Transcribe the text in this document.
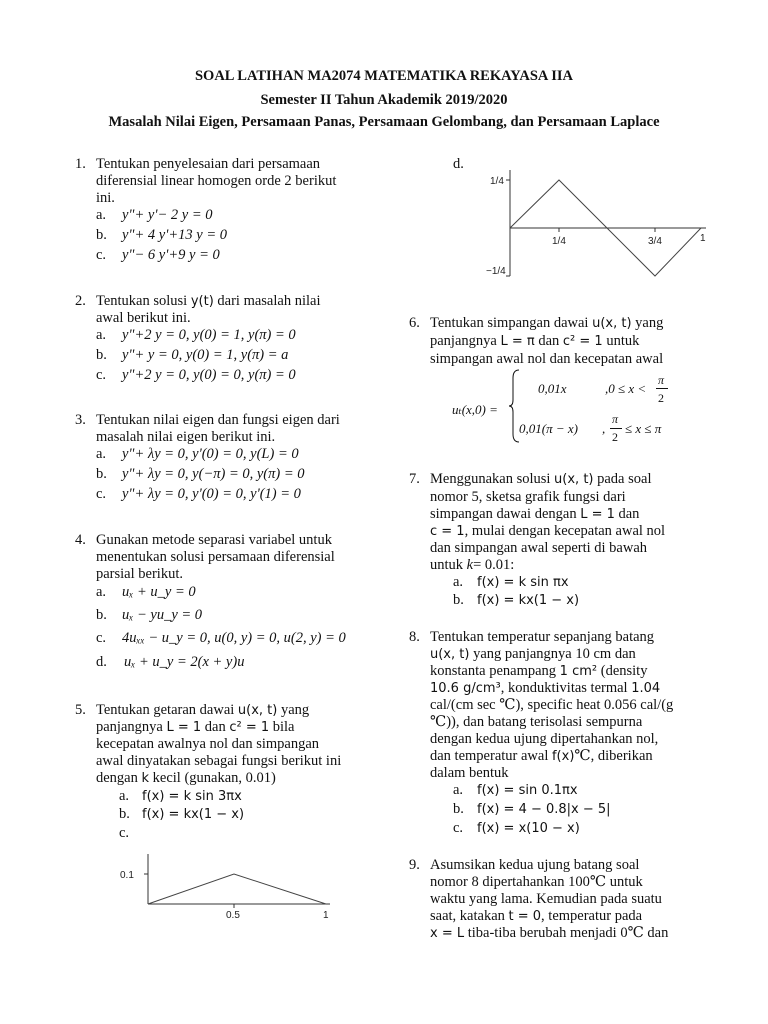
SOAL LATIHAN MA2074 MATEMATIKA REKAYASA IIA
Semester II Tahun Akademik 2019/2020
Masalah Nilai Eigen, Persamaan Panas, Persamaan Gelombang, dan Persamaan Laplace
1. Tentukan penyelesaian dari persamaan
diferensial linear homogen orde 2 berikut
ini.
a. y"+ y'− 2 y = 0
b. y"+ 4 y'+13 y = 0
c. y"− 6 y'+9 y = 0
2. Tentukan solusi y(t) dari masalah nilai
awal berikut ini.
a. y"+2 y = 0, y(0) = 1, y(π) = 0
b. y"+ y = 0, y(0) = 1, y(π) = a
c. y"+2 y = 0, y(0) = 0, y(π) = 0
3. Tentukan nilai eigen dan fungsi eigen dari
masalah nilai eigen berikut ini.
a. y"+ λy = 0, y'(0) = 0, y(L) = 0
b. y"+ λy = 0, y(−π) = 0, y(π) = 0
c. y"+ λy = 0, y'(0) = 0, y'(1) = 0
4. Gunakan metode separasi variabel untuk
menentukan solusi persamaan diferensial
parsial berikut.
a. uₓ + u_y = 0
b. uₓ − yu_y = 0
c. 4uₓₓ − u_y = 0, u(0, y) = 0, u(2, y) = 0
d. uₓ + u_y = 2(x + y)u
5. Tentukan getaran dawai u(x, t) yang
panjangnya L = 1 dan c² = 1 bila
kecepatan awalnya nol dan simpangan
awal dinyatakan sebagai fungsi berikut ini
dengan k kecil (gunakan, 0.01)
a. f(x) = k sin 3πx
b. f(x) = kx(1 − x)
c.
0.1
0.5	1
d.
1/4
−1/4
1/4	3/4	1
6. Tentukan simpangan dawai u(x, t) yang
panjangnya L = π dan c² = 1 untuk
simpangan awal nol dan kecepatan awal
uₜ(x,0) =
0,01x	,0 ≤ x <
π
2
0,01(π − x) ,
π
2
≤ x ≤ π
7. Menggunakan solusi u(x, t) pada soal
nomor 5, sketsa grafik fungsi dari
simpangan dawai dengan L = 1 dan
c = 1, mulai dengan kecepatan awal nol
dan simpangan awal seperti di bawah
untuk k= 0.01:
a. f(x) = k sin πx
b. f(x) = kx(1 − x)
8. Tentukan temperatur sepanjang batang
u(x, t) yang panjangnya 10 cm dan
konstanta penampang 1 cm² (density
10.6 g/cm³, konduktivitas termal 1.04
cal/(cm sec ℃), specific heat 0.056 cal/(g
℃)), dan batang terisolasi sempurna
dengan kedua ujung dipertahankan nol,
dan temperatur awal f(x)℃, diberikan
dalam bentuk
a. f(x) = sin 0.1πx
b. f(x) = 4 − 0.8|x − 5|
c. f(x) = x(10 − x)
9. Asumsikan kedua ujung batang soal
nomor 8 dipertahankan 100℃ untuk
waktu yang lama. Kemudian pada suatu
saat, katakan t = 0, temperatur pada
x = L tiba-tiba berubah menjadi 0℃ dan
